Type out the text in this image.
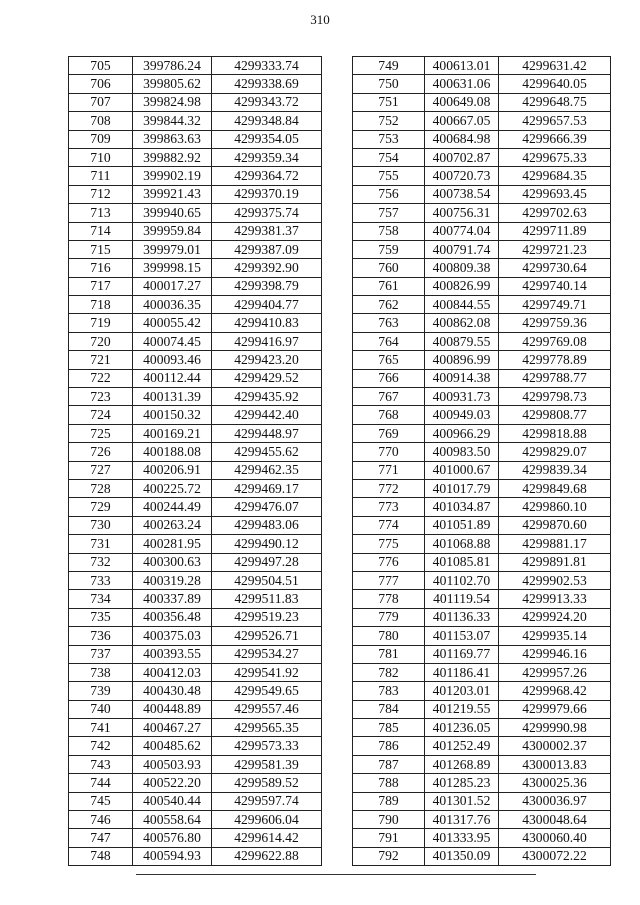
310
705	399786.24	4299333.74
706	399805.62	4299338.69
707	399824.98	4299343.72
708	399844.32	4299348.84
709	399863.63	4299354.05
710	399882.92	4299359.34
711	399902.19	4299364.72
712	399921.43	4299370.19
713	399940.65	4299375.74
714	399959.84	4299381.37
715	399979.01	4299387.09
716	399998.15	4299392.90
717	400017.27	4299398.79
718	400036.35	4299404.77
719	400055.42	4299410.83
720	400074.45	4299416.97
721	400093.46	4299423.20
722	400112.44	4299429.52
723	400131.39	4299435.92
724	400150.32	4299442.40
725	400169.21	4299448.97
726	400188.08	4299455.62
727	400206.91	4299462.35
728	400225.72	4299469.17
729	400244.49	4299476.07
730	400263.24	4299483.06
731	400281.95	4299490.12
732	400300.63	4299497.28
733	400319.28	4299504.51
734	400337.89	4299511.83
735	400356.48	4299519.23
736	400375.03	4299526.71
737	400393.55	4299534.27
738	400412.03	4299541.92
739	400430.48	4299549.65
740	400448.89	4299557.46
741	400467.27	4299565.35
742	400485.62	4299573.33
743	400503.93	4299581.39
744	400522.20	4299589.52
745	400540.44	4299597.74
746	400558.64	4299606.04
747	400576.80	4299614.42
748	400594.93	4299622.88
749	400613.01	4299631.42
750	400631.06	4299640.05
751	400649.08	4299648.75
752	400667.05	4299657.53
753	400684.98	4299666.39
754	400702.87	4299675.33
755	400720.73	4299684.35
756	400738.54	4299693.45
757	400756.31	4299702.63
758	400774.04	4299711.89
759	400791.74	4299721.23
760	400809.38	4299730.64
761	400826.99	4299740.14
762	400844.55	4299749.71
763	400862.08	4299759.36
764	400879.55	4299769.08
765	400896.99	4299778.89
766	400914.38	4299788.77
767	400931.73	4299798.73
768	400949.03	4299808.77
769	400966.29	4299818.88
770	400983.50	4299829.07
771	401000.67	4299839.34
772	401017.79	4299849.68
773	401034.87	4299860.10
774	401051.89	4299870.60
775	401068.88	4299881.17
776	401085.81	4299891.81
777	401102.70	4299902.53
778	401119.54	4299913.33
779	401136.33	4299924.20
780	401153.07	4299935.14
781	401169.77	4299946.16
782	401186.41	4299957.26
783	401203.01	4299968.42
784	401219.55	4299979.66
785	401236.05	4299990.98
786	401252.49	4300002.37
787	401268.89	4300013.83
788	401285.23	4300025.36
789	401301.52	4300036.97
790	401317.76	4300048.64
791	401333.95	4300060.40
792	401350.09	4300072.22
